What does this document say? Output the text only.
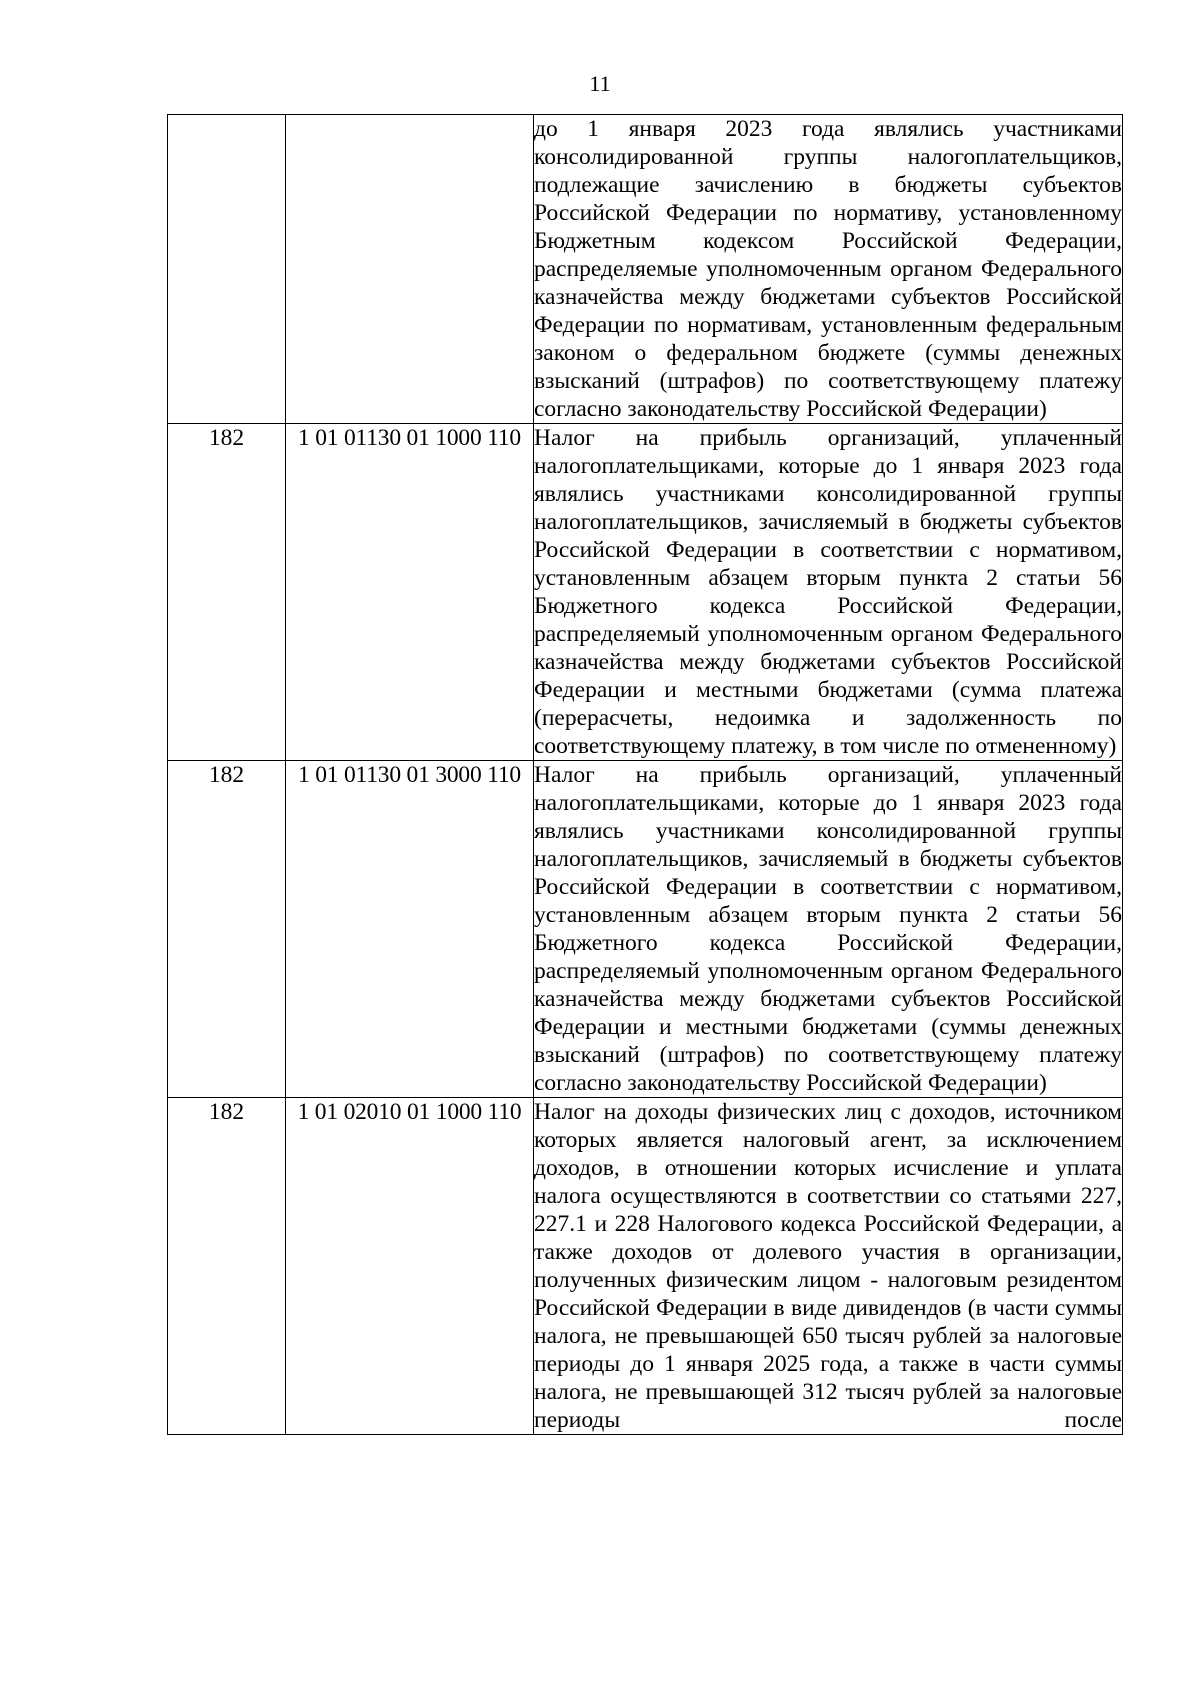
11
		до 1 января 2023 года являлись участниками консолидированной группы налогоплательщиков, подлежащие зачислению в бюджеты субъектов Российской Федерации по нормативу, установленному Бюджетным кодексом Российской Федерации, распределяемые уполномоченным органом Федерального казначейства между бюджетами субъектов Российской Федерации по нормативам, установленным федеральным законом о федеральном бюджете (суммы денежных взысканий (штрафов) по соответствующему платежу согласно законодательству Российской Федерации)
182	1 01 01130 01 1000 110	Налог на прибыль организаций, уплаченный налогоплательщиками, которые до 1 января 2023 года являлись участниками консолидированной группы налогоплательщиков, зачисляемый в бюджеты субъектов Российской Федерации в соответствии с нормативом, установленным абзацем вторым пункта 2 статьи 56 Бюджетного кодекса Российской Федерации, распределяемый уполномоченным органом Федерального казначейства между бюджетами субъектов Российской Федерации и местными бюджетами (сумма платежа (перерасчеты, недоимка и задолженность по соответствующему платежу, в том числе по отмененному)
182	1 01 01130 01 3000 110	Налог на прибыль организаций, уплаченный налогоплательщиками, которые до 1 января 2023 года являлись участниками консолидированной группы налогоплательщиков, зачисляемый в бюджеты субъектов Российской Федерации в соответствии с нормативом, установленным абзацем вторым пункта 2 статьи 56 Бюджетного кодекса Российской Федерации, распределяемый уполномоченным органом Федерального казначейства между бюджетами субъектов Российской Федерации и местными бюджетами (суммы денежных взысканий (штрафов) по соответствующему платежу согласно законодательству Российской Федерации)
182	1 01 02010 01 1000 110	Налог на доходы физических лиц с доходов, источником которых является налоговый агент, за исключением доходов, в отношении которых исчисление и уплата налога осуществляются в соответствии со статьями 227, 227.1 и 228 Налогового кодекса Российской Федерации, а также доходов от долевого участия в организации, полученных физическим лицом - налоговым резидентом Российской Федерации в виде дивидендов (в части суммы налога, не превышающей 650 тысяч рублей за налоговые периоды до 1 января 2025 года, а также в части суммы налога, не превышающей 312 тысяч рублей за налоговые периоды после
